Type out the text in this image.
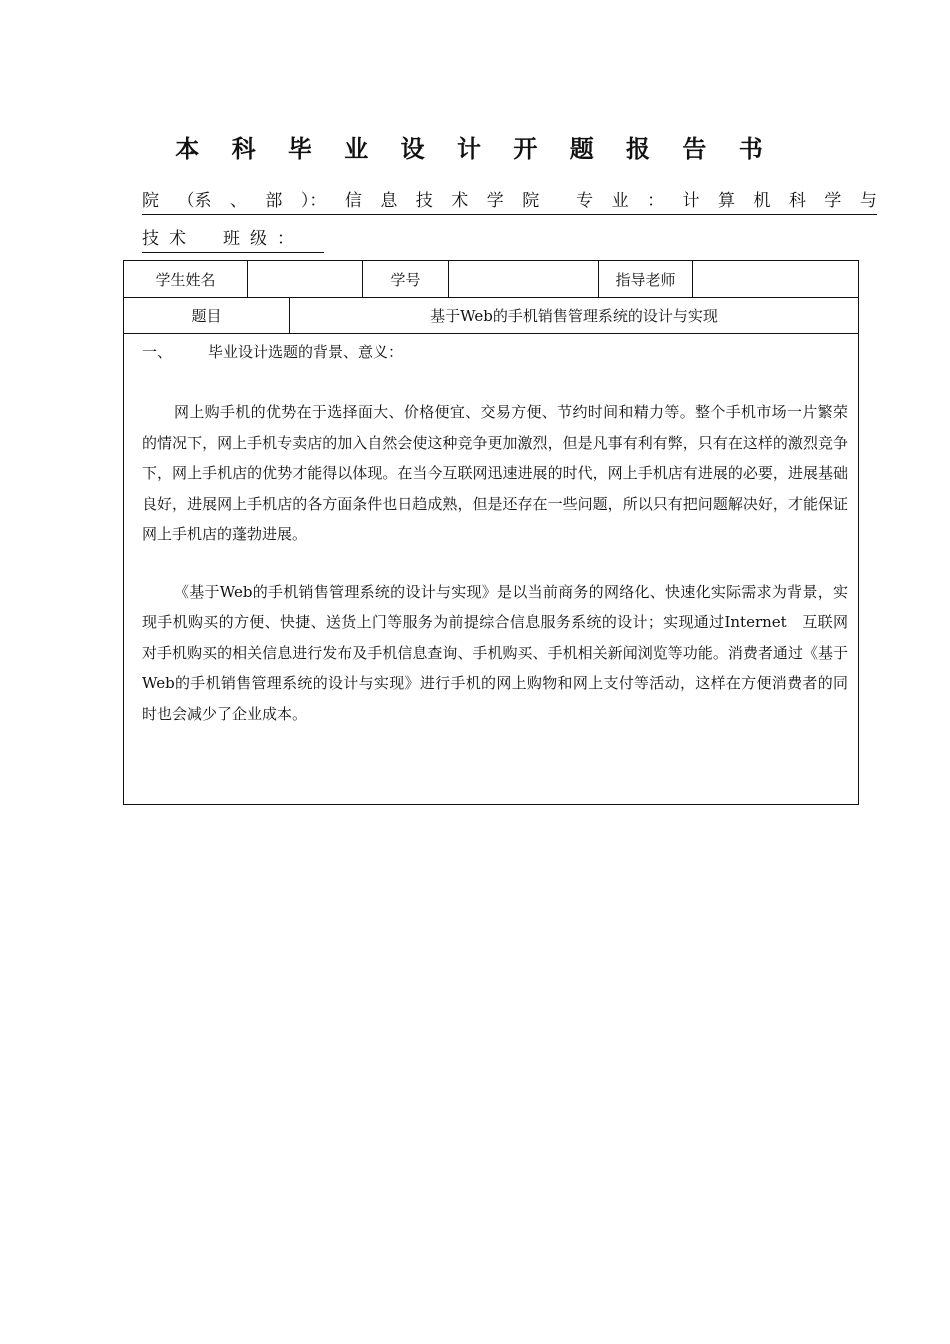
本 科 毕 业 设 计 开 题 报 告 书
院 （系 、 部 ）： 信 息 技 术 学 院 专 业 ： 计 算 机 科 学 与
技术　班级：
学生姓名	学号	指导老师
题目	基于Web的手机销售管理系统的设计与实现

一、 毕业设计选题的背景、意义：

网上购手机的优势在于选择面大、价格便宜、交易方便、节约时间和精力等。整个手机市场一片繁荣的情况下，网上手机专卖店的加入自然会使这种竞争更加激烈，但是凡事有利有弊，只有在这样的激烈竞争下，网上手机店的优势才能得以体现。在当今互联网迅速进展的时代，网上手机店有进展的必要，进展基础良好，进展网上手机店的各方面条件也日趋成熟，但是还存在一些问题，所以只有把问题解决好，才能保证网上手机店的蓬勃进展。

《基于Web的手机销售管理系统的设计与实现》是以当前商务的网络化、快速化实际需求为背景，实现手机购买的方便、快捷、送货上门等服务为前提综合信息服务系统的设计；实现通过Internet　互联网对手机购买的相关信息进行发布及手机信息查询、手机购买、手机相关新闻浏览等功能。消费者通过《基于Web的手机销售管理系统的设计与实现》进行手机的网上购物和网上支付等活动，这样在方便消费者的同时也会减少了企业成本。
